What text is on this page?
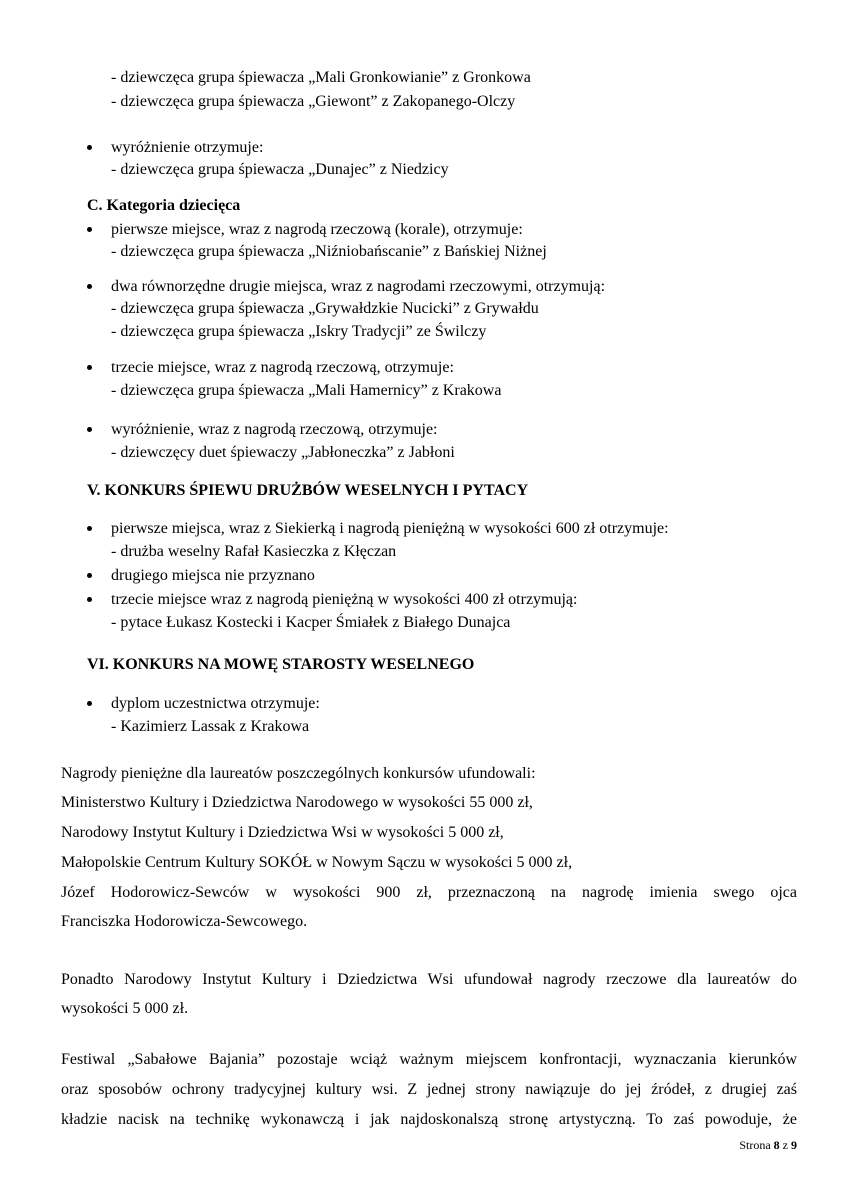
- dziewczęca grupa śpiewacza „Mali Gronkowianie” z Gronkowa
- dziewczęca grupa śpiewacza „Giewont” z Zakopanego-Olczy
wyróżnienie otrzymuje:
- dziewczęca grupa śpiewacza „Dunajec” z Niedzicy
C. Kategoria dziecięca
pierwsze miejsce, wraz z nagrodą rzeczową (korale), otrzymuje:
- dziewczęca grupa śpiewacza „Niźniobańscanie” z Bańskiej Niżnej
dwa równorzędne drugie miejsca, wraz z nagrodami rzeczowymi, otrzymują:
- dziewczęca grupa śpiewacza „Grywałdzkie Nucicki” z Grywałdu
- dziewczęca grupa śpiewacza „Iskry Tradycji” ze Świlczy
trzecie miejsce, wraz z nagrodą rzeczową, otrzymuje:
- dziewczęca grupa śpiewacza „Mali Hamernicy” z Krakowa
wyróżnienie, wraz z nagrodą rzeczową, otrzymuje:
- dziewczęcy duet śpiewaczy „Jabłoneczka” z Jabłoni
V. KONKURS ŚPIEWU DRUŻBÓW WESELNYCH I PYTACY
pierwsze miejsca, wraz z Siekierką i nagrodą pieniężną w wysokości 600 zł otrzymuje:
- drużba weselny Rafał Kasieczka z Kłęczan
drugiego miejsca nie przyznano
trzecie miejsce wraz z nagrodą pieniężną w wysokości 400 zł otrzymują:
- pytace Łukasz Kostecki i Kacper Śmiałek z Białego Dunajca
VI. KONKURS NA MOWĘ STAROSTY WESELNEGO
dyplom uczestnictwa otrzymuje:
- Kazimierz Lassak z Krakowa
Nagrody pieniężne dla laureatów poszczególnych konkursów ufundowali:
Ministerstwo Kultury i Dziedzictwa Narodowego w wysokości 55 000 zł,
Narodowy Instytut Kultury i Dziedzictwa Wsi w wysokości 5 000 zł,
Małopolskie Centrum Kultury SOKÓŁ w Nowym Sączu w wysokości 5 000 zł,
Józef Hodorowicz-Sewców w wysokości 900 zł, przeznaczoną na nagrodę imienia swego ojca
Franciszka Hodorowicza-Sewcowego.
Ponadto Narodowy Instytut Kultury i Dziedzictwa Wsi ufundował nagrody rzeczowe dla laureatów do
wysokości 5 000 zł.
Festiwal „Sabałowe Bajania” pozostaje wciąż ważnym miejscem konfrontacji, wyznaczania kierunków
oraz sposobów ochrony tradycyjnej kultury wsi. Z jednej strony nawiązuje do jej źródeł, z drugiej zaś
kładzie nacisk na technikę wykonawczą i jak najdoskonalszą stronę artystyczną. To zaś powoduje, że
Strona 8 z 9
